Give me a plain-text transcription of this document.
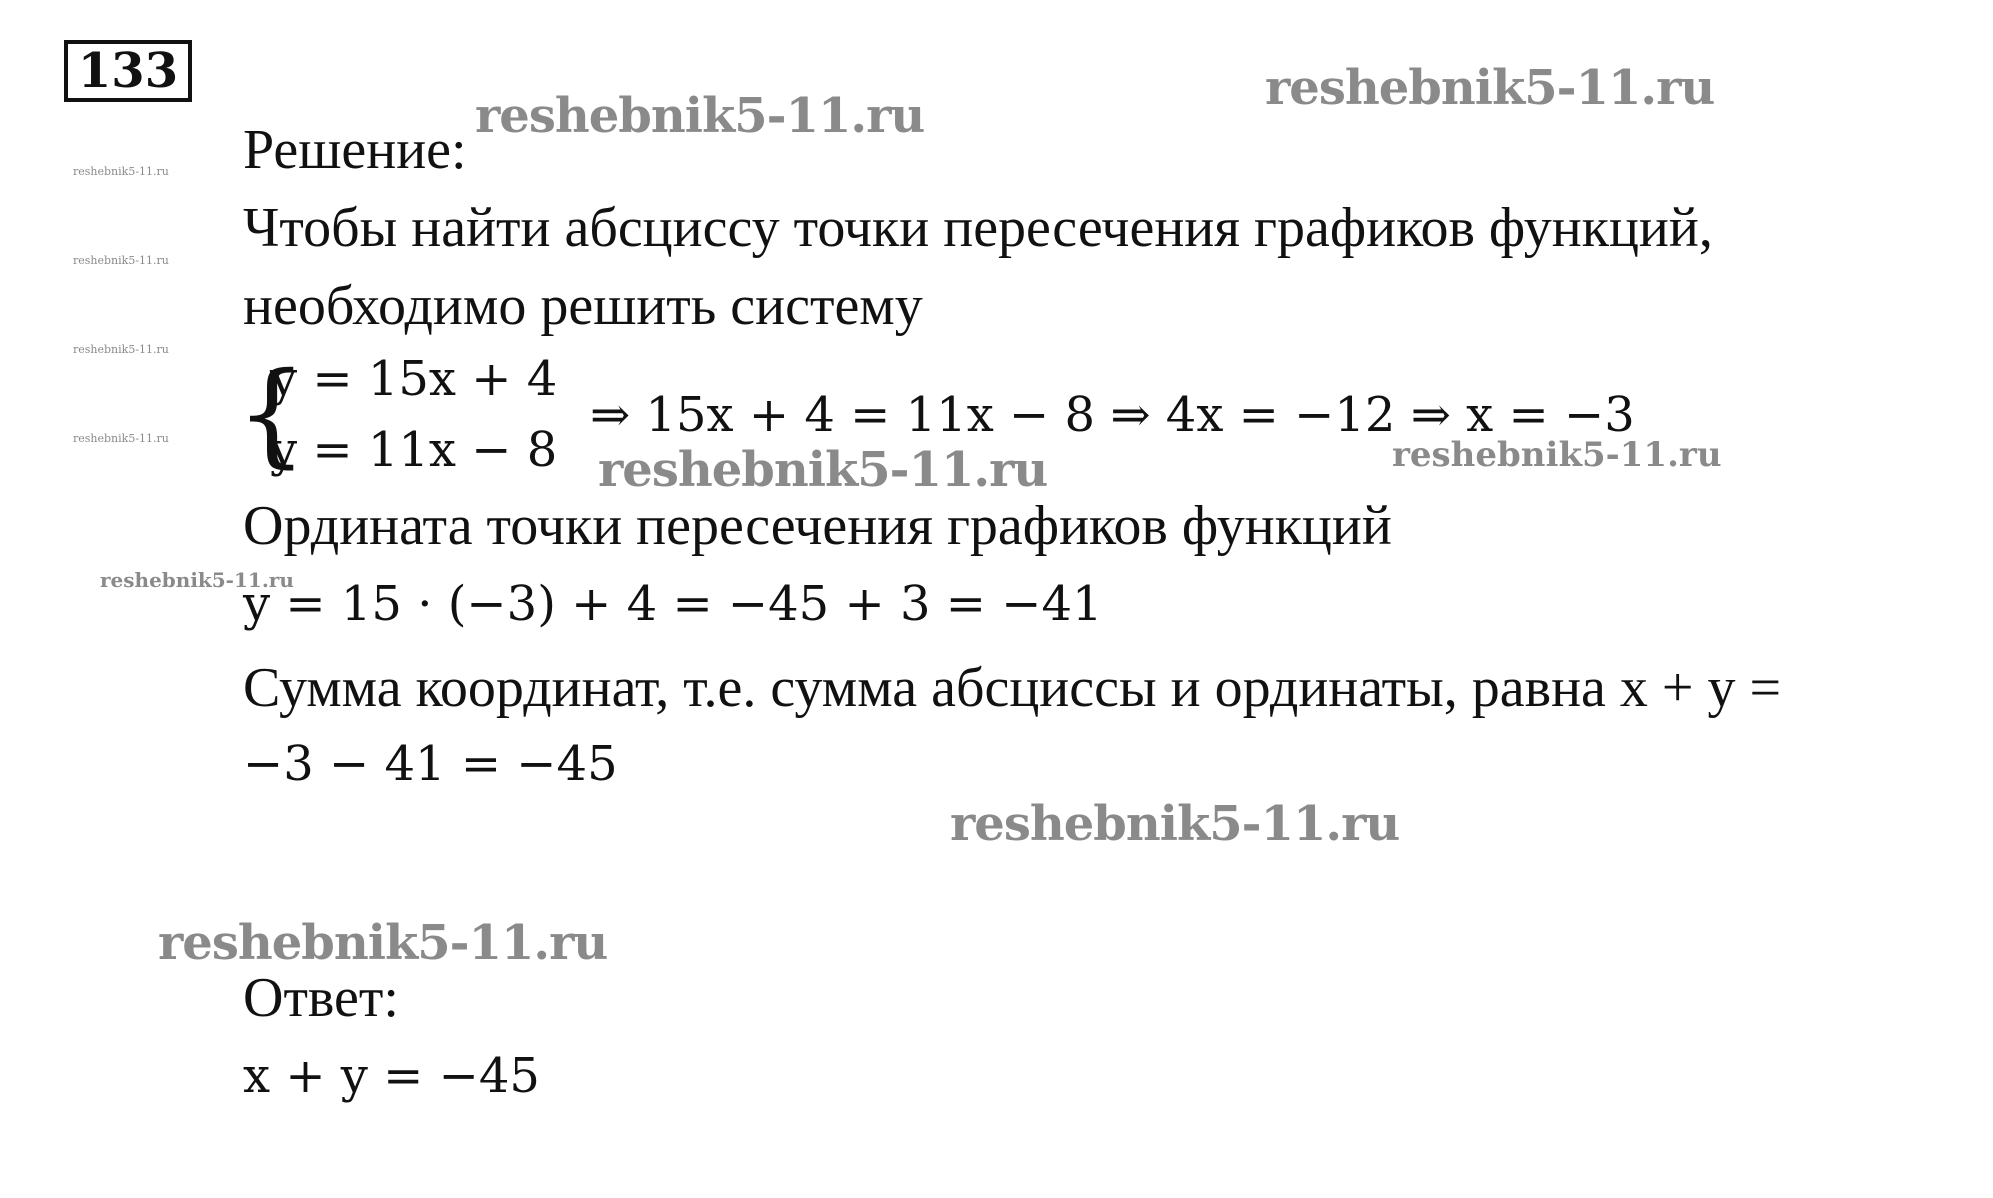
133
reshebnik5-11.ru	reshebnik5-11.ru
reshebnik5-11.ru	reshebnik5-11.ru
reshebnik5-11.ru
reshebnik5-11.ru
reshebnik5-11.ru
reshebnik5-11.ru
reshebnik5-11.ru
reshebnik5-11.ru
reshebnik5-11.ru
Решение:
Чтобы найти абсциссу точки пересечения графиков функций,
необходимо решить систему
{
y = 15x + 4
y = 11x − 8
⇒ 15x + 4 = 11x − 8 ⇒ 4x = −12 ⇒ x = −3
Ордината точки пересечения графиков функций
y = 15 · (−3) + 4 = −45 + 3 = −41
Сумма координат, т.е. сумма абсциссы и ординаты, равна x + y =
−3 − 41 = −45
Ответ:
x + y = −45
